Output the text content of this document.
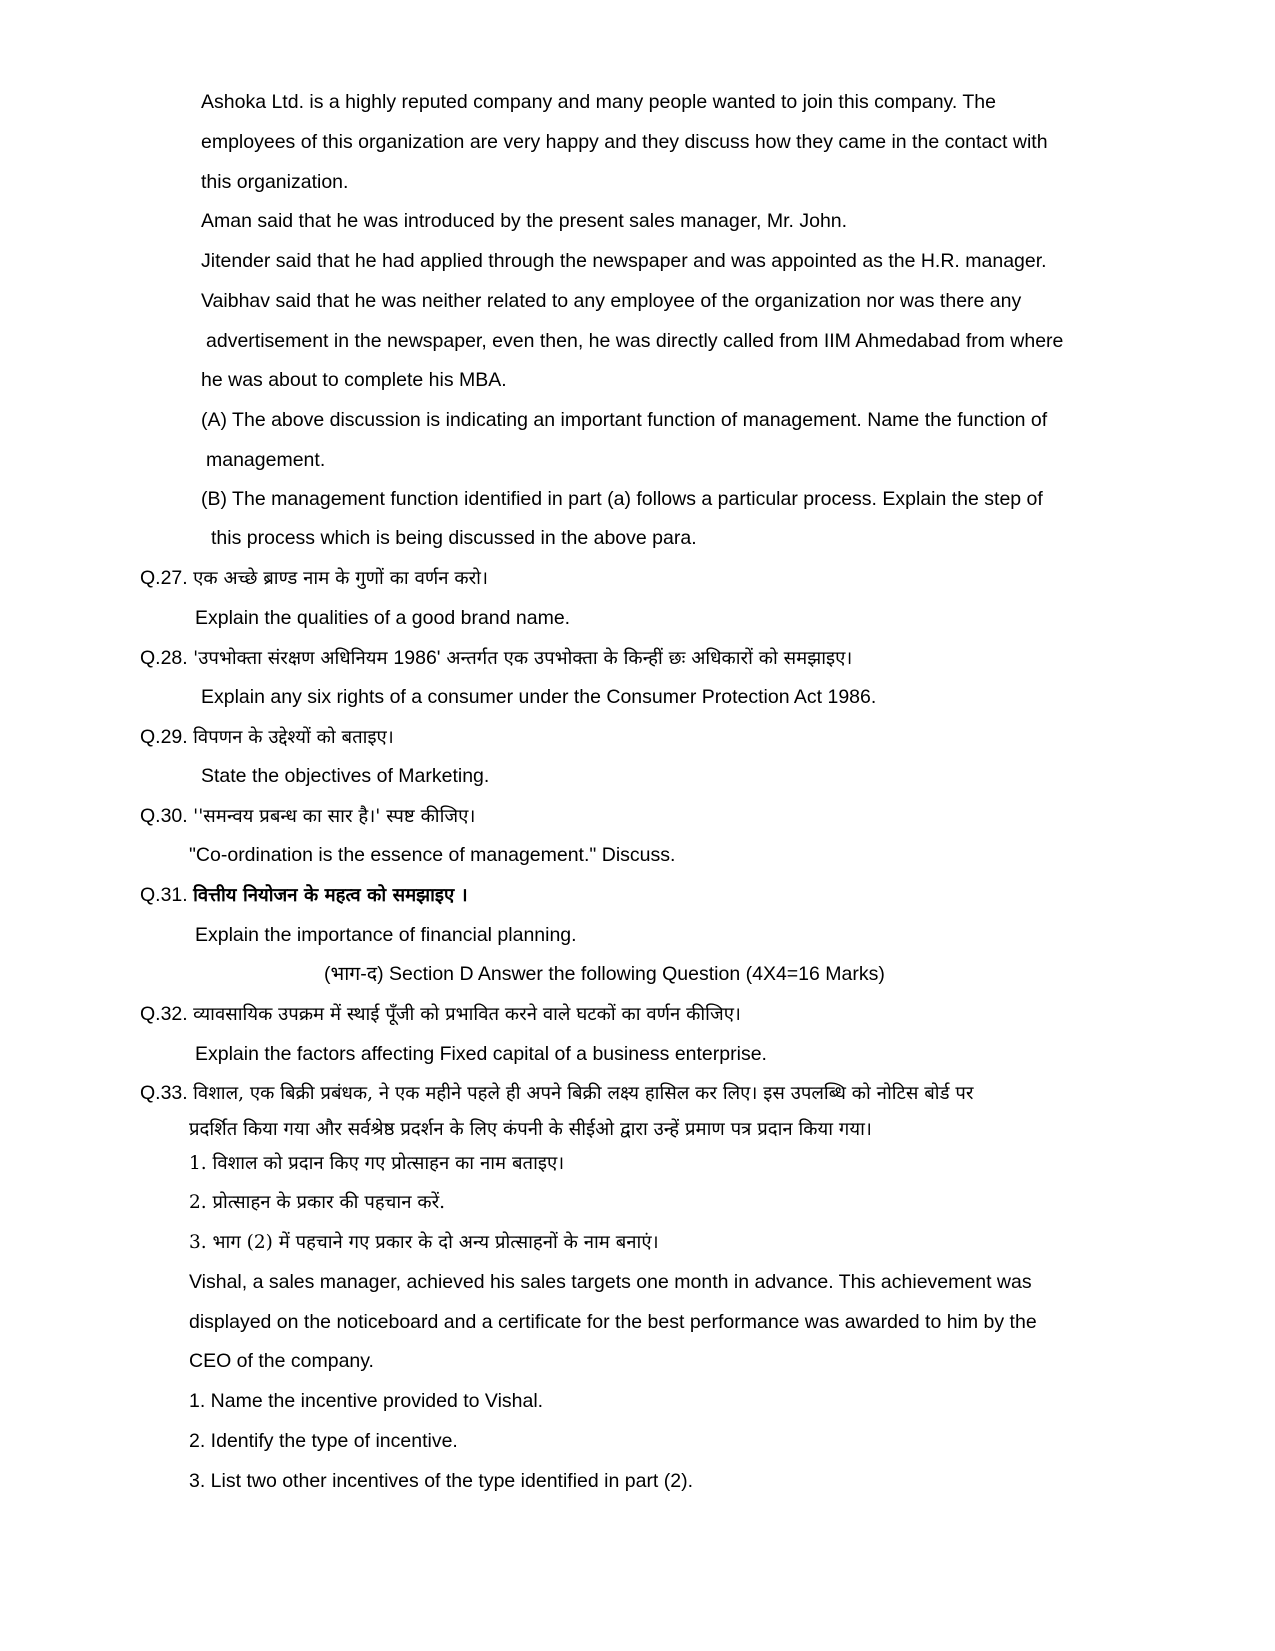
Ashoka Ltd. is a highly reputed company and many people wanted to join this company. The
employees of this organization are very happy and they discuss how they came in the contact with
this organization.
Aman said that he was introduced by the present sales manager, Mr. John.
Jitender said that he had applied through the newspaper and was appointed as the H.R. manager.
Vaibhav said that he was neither related to any employee of the organization nor was there any
advertisement in the newspaper, even then, he was directly called from IIM Ahmedabad from where
he was about to complete his MBA.
(A) The above discussion is indicating an important function of management. Name the function of
management.
(B) The management function identified in part (a) follows a particular process. Explain the step of
this process which is being discussed in the above para.
Q.27. एक अच्छे ब्राण्ड नाम के गुणों का वर्णन करो।
Explain the qualities of a good brand name.
Q.28. 'उपभोक्ता संरक्षण अधिनियम 1986' अन्तर्गत एक उपभोक्ता के किन्हीं छः अधिकारों को समझाइए।
Explain any six rights of a consumer under the Consumer Protection Act 1986.
Q.29. विपणन के उद्देश्यों को बताइए।
State the objectives of Marketing.
Q.30. ''समन्वय प्रबन्ध का सार है।' स्पष्ट कीजिए।
"Co-ordination is the essence of management." Discuss.
Q.31. वित्तीय नियोजन के महत्व को समझाइए ।
Explain the importance of financial planning.
(भाग-द) Section D Answer the following Question (4X4=16 Marks)
Q.32. व्यावसायिक उपक्रम में स्थाई पूँजी को प्रभावित करने वाले घटकों का वर्णन कीजिए।
Explain the factors affecting Fixed capital of a business enterprise.
Q.33. विशाल, एक बिक्री प्रबंधक, ने एक महीने पहले ही अपने बिक्री लक्ष्य हासिल कर लिए। इस उपलब्धि को नोटिस बोर्ड पर
प्रदर्शित किया गया और सर्वश्रेष्ठ प्रदर्शन के लिए कंपनी के सीईओ द्वारा उन्हें प्रमाण पत्र प्रदान किया गया।
1. विशाल को प्रदान किए गए प्रोत्साहन का नाम बताइए।
2. प्रोत्साहन के प्रकार की पहचान करें.
3. भाग (2) में पहचाने गए प्रकार के दो अन्य प्रोत्साहनों के नाम बनाएं।
Vishal, a sales manager, achieved his sales targets one month in advance. This achievement was
displayed on the noticeboard and a certificate for the best performance was awarded to him by the
CEO of the company.
1. Name the incentive provided to Vishal.
2. Identify the type of incentive.
3. List two other incentives of the type identified in part (2).
